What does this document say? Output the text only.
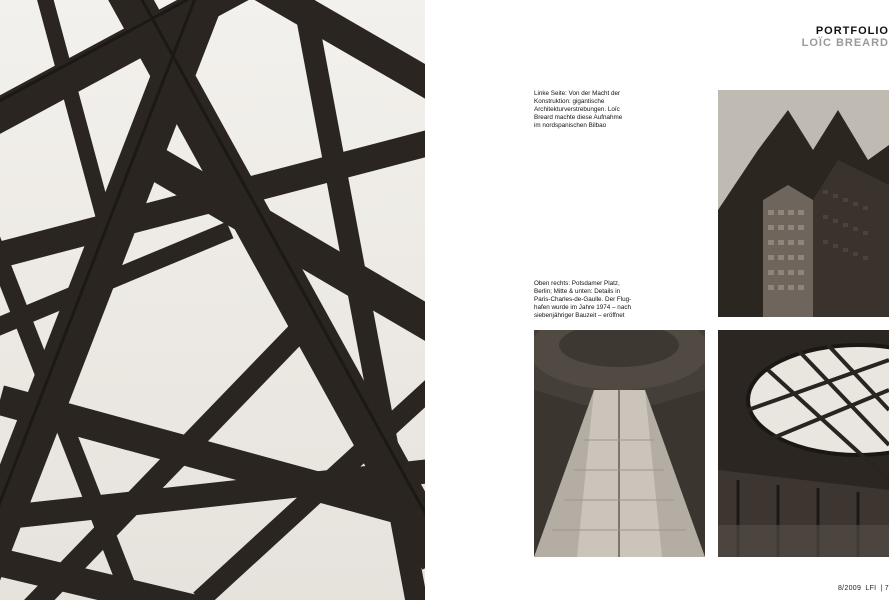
PORTFOLIO
LOÏC BREARD
Linke Seite: Von der Macht der
Konstruktion: gigantische
Architekturverstrebungen. Loïc
Breard machte diese Aufnahme
im nordspanischen Bilbao
Oben rechts: Potsdamer Platz,
Berlin; Mitte & unten: Details in
Paris-Charles-de-Gaulle. Der Flug-
hafen wurde im Jahre 1974 – nach
siebenjähriger Bauzeit – eröffnet
8/2009 LFI | 7
